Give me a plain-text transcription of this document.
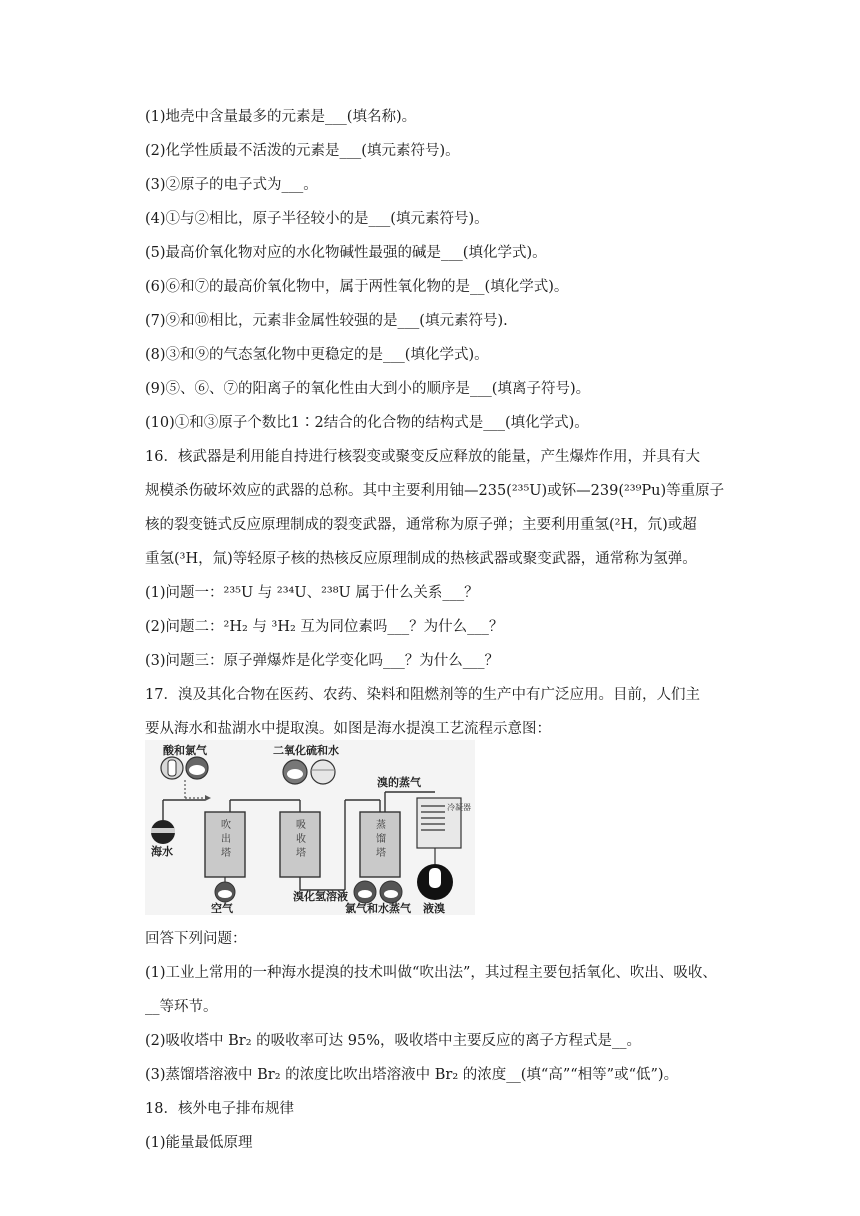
(1)地壳中含量最多的元素是___(填名称)。
(2)化学性质最不活泼的元素是___(填元素符号)。
(3)②原子的电子式为___。
(4)①与②相比，原子半径较小的是___(填元素符号)。
(5)最高价氧化物对应的水化物碱性最强的碱是___(填化学式)。
(6)⑥和⑦的最高价氧化物中，属于两性氧化物的是__(填化学式)。
(7)⑨和⑩相比，元素非金属性较强的是___(填元素符号).
(8)③和⑨的气态氢化物中更稳定的是___(填化学式)。
(9)⑤、⑥、⑦的阳离子的氧化性由大到小的顺序是___(填离子符号)。
(10)①和③原子个数比1∶2结合的化合物的结构式是___(填化学式)。
16．核武器是利用能自持进行核裂变或聚变反应释放的能量，产生爆炸作用，并具有大
规模杀伤破坏效应的武器的总称。其中主要利用铀—235(²³⁵U)或钚—239(²³⁹Pu)等重原子
核的裂变链式反应原理制成的裂变武器，通常称为原子弹；主要利用重氢(²H，氘)或超
重氢(³H，氚)等轻原子核的热核反应原理制成的热核武器或聚变武器，通常称为氢弹。
(1)问题一：²³⁵U 与 ²³⁴U、²³⁸U 属于什么关系___？
(2)问题二：²H₂ 与 ³H₂ 互为同位素吗___？为什么___？
(3)问题三：原子弹爆炸是化学变化吗___？为什么___？
17．溴及其化合物在医药、农药、染料和阻燃剂等的生产中有广泛应用。目前，人们主
要从海水和盐湖水中提取溴。如图是海水提溴工艺流程示意图：
酸和氯气
海水
吹
出
塔
空气
二氧化硫和水
吸
收
塔
溴化氢溶液
蒸
馏
塔
氯气和水蒸气
溴的蒸气
冷凝器
液溴
回答下列问题：
(1)工业上常用的一种海水提溴的技术叫做“吹出法”，其过程主要包括氧化、吹出、吸收、
__等环节。
(2)吸收塔中 Br₂ 的吸收率可达 95%，吸收塔中主要反应的离子方程式是__。
(3)蒸馏塔溶液中 Br₂ 的浓度比吹出塔溶液中 Br₂ 的浓度__(填“高”“相等”或“低”)。
18．核外电子排布规律
(1)能量最低原理
